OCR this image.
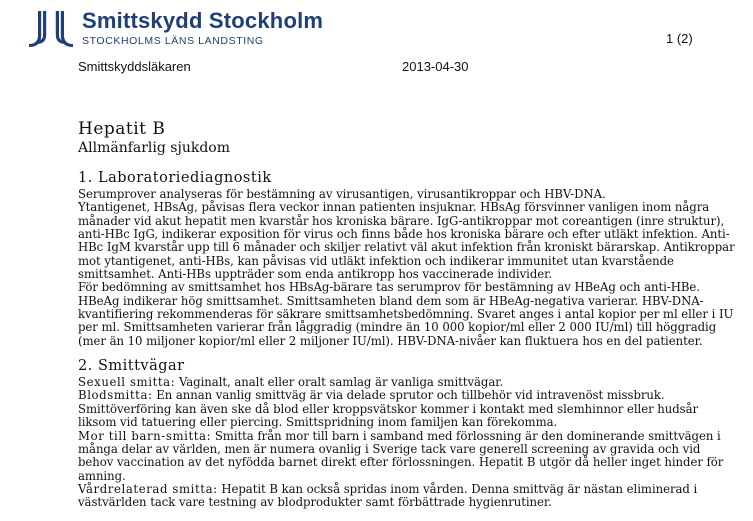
Smittskydd Stockholm
STOCKHOLMS LÄNS LANDSTING	1 (2)
Smittskyddsläkaren	2013-04-30
Hepatit B
Allmänfarlig sjukdom
1. Laboratoriediagnostik

Serumprover analyseras för bestämning av virusantigen, virusantikroppar och HBV-DNA.

Ytantigenet, HBsAg, påvisas flera veckor innan patienten insjuknar. HBsAg försvinner vanligen inom några månader vid akut hepatit men kvarstår hos kroniska bärare. IgG-antikroppar mot coreantigen (inre struktur), anti-HBc IgG, indikerar exposition för virus och finns både hos kroniska bärare och efter utläkt infektion. Anti-HBc IgM kvarstår upp till 6 månader och skiljer relativt väl akut infektion från kroniskt bärarskap. Antikroppar mot ytantigenet, anti-HBs, kan påvisas vid utläkt infektion och indikerar immunitet utan kvarstående smittsamhet. Anti-HBs uppträder som enda antikropp hos vaccinerade individer.

För bedömning av smittsamhet hos HBsAg-bärare tas serumprov för bestämning av HBeAg och anti-HBe. HBeAg indikerar hög smittsamhet. Smittsamheten bland dem som är HBeAg-negativa varierar. HBV-DNA-kvantifiering rekommenderas för säkrare smittsamhetsbedömning. Svaret anges i antal kopior per ml eller i IU per ml. Smittsamheten varierar från låggradig (mindre än 10 000 kopior/ml eller 2 000 IU/ml) till höggradig (mer än 10 miljoner kopior/ml eller 2 miljoner IU/ml). HBV-DNA-nivåer kan fluktuera hos en del patienter.

2. Smittvägar

Sexuell smitta: Vaginalt, analt eller oralt samlag är vanliga smittvägar.

Blodsmitta: En annan vanlig smittväg är via delade sprutor och tillbehör vid intravenöst missbruk.

Smittöverföring kan även ske då blod eller kroppsvätskor kommer i kontakt med slemhinnor eller hudsår liksom vid tatuering eller piercing. Smittspridning inom familjen kan förekomma.

Mor till barn-smitta: Smitta från mor till barn i samband med förlossning är den dominerande smittvägen i många delar av världen, men är numera ovanlig i Sverige tack vare generell screening av gravida och vid behov vaccination av det nyfödda barnet direkt efter förlossningen. Hepatit B utgör då heller inget hinder för amning.

Vårdrelaterad smitta: Hepatit B kan också spridas inom vården. Denna smittväg är nästan eliminerad i västvärlden tack vare testning av blodprodukter samt förbättrade hygienrutiner.
